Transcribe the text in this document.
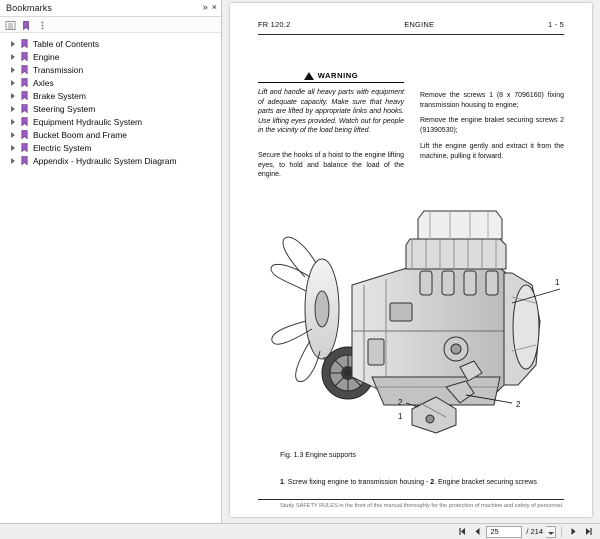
Bookmarks	» ×
Table of Contents
Engine
Transmission
Axles
Brake System
Steering System
Equipment Hydraulic System
Bucket Boom and Frame
Electric System
Appendix - Hydraulic System Diagram
FR 120.2	ENGINE	1 - 5
WARNING
Lift and handle all heavy parts with equipment of adequate capacity. Make sure that heavy parts are lifted by appropriate links and hooks. Use lifting eyes provided. Watch out for people in the vicinity of the load being lifted.
Secure the hooks of a hoist to the engine lifting eyes, to hold and balance the load of the engine.
Remove the screws 1 (8 x 7096160) fixing transmission housing to engine;
Remove the engine braket securing screws 2 (91390530);
Lift the engine gently and extract it from the machine, pulling it forward.
1
2
2
1
Fig. 1.3 Engine supports
1. Screw fixing engine to transmission housing - 2. Engine bracket securing screws
Study SAFETY RULES in the front of this manual thoroughly for the protection of machine and safety of personnel.
25	/ 214
